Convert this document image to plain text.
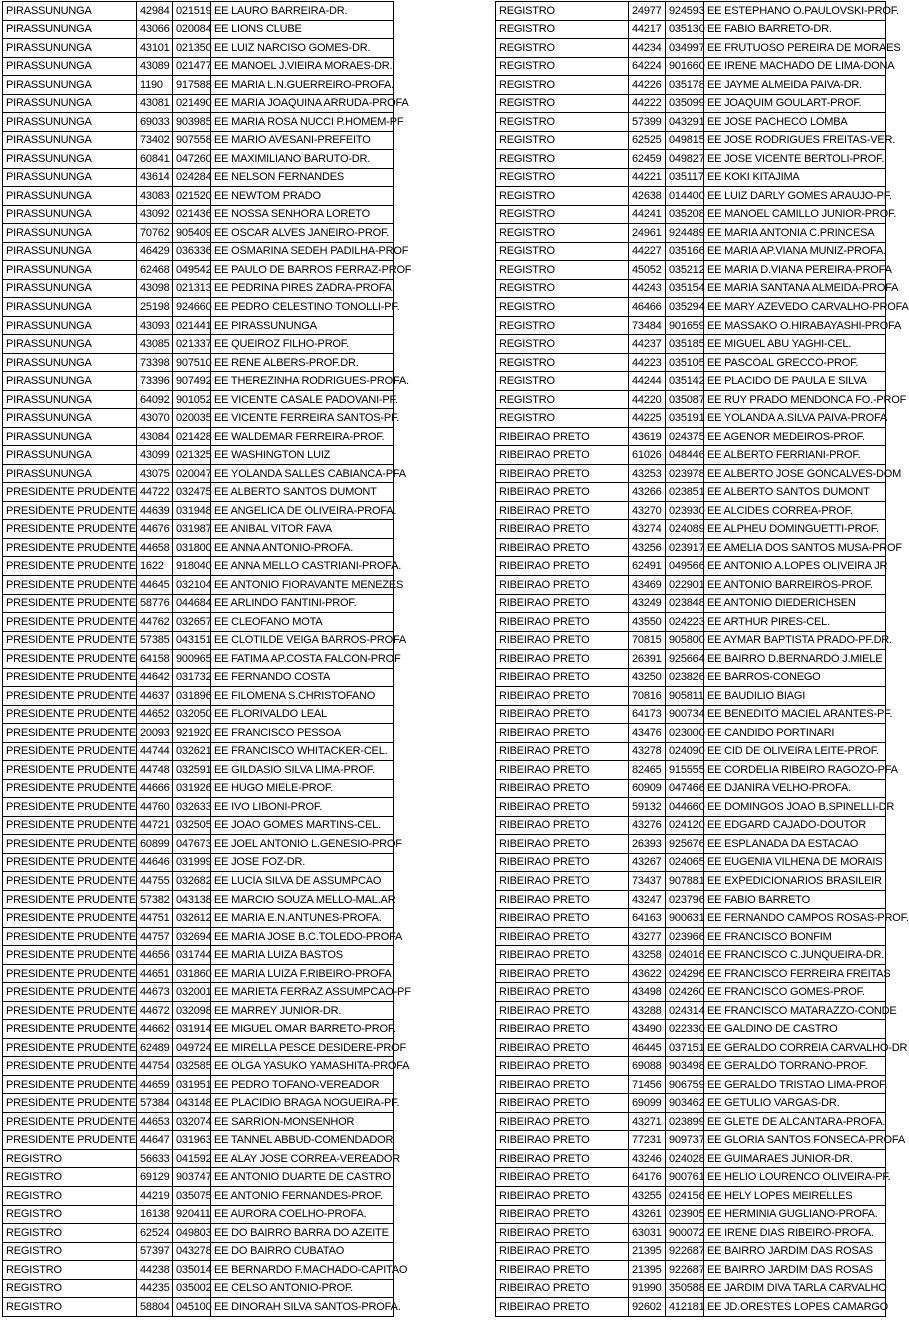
PIRASSUNUNGA	42984	021519	EE LAURO BARREIRA-DR.
PIRASSUNUNGA	43066	020084	EE LIONS CLUBE
PIRASSUNUNGA	43101	021350	EE LUIZ NARCISO GOMES-DR.
PIRASSUNUNGA	43089	021477	EE MANOEL J.VIEIRA MORAES-DR.
PIRASSUNUNGA	1190	917588	EE MARIA L.N.GUERREIRO-PROFA.
PIRASSUNUNGA	43081	021490	EE MARIA JOAQUINA ARRUDA-PROFA
PIRASSUNUNGA	69033	903985	EE MARIA ROSA NUCCI P.HOMEM-PF
PIRASSUNUNGA	73402	907558	EE MARIO AVESANI-PREFEITO
PIRASSUNUNGA	60841	047260	EE MAXIMILIANO BARUTO-DR.
PIRASSUNUNGA	43614	024284	EE NELSON FERNANDES
PIRASSUNUNGA	43083	021520	EE NEWTOM PRADO
PIRASSUNUNGA	43092	021436	EE NOSSA SENHORA LORETO
PIRASSUNUNGA	70762	905409	EE OSCAR ALVES JANEIRO-PROF.
PIRASSUNUNGA	46429	036336	EE OSMARINA SEDEH PADILHA-PROF
PIRASSUNUNGA	62468	049542	EE PAULO DE BARROS FERRAZ-PROF
PIRASSUNUNGA	43098	021313	EE PEDRINA PIRES ZADRA-PROFA.
PIRASSUNUNGA	25198	924660	EE PEDRO CELESTINO TONOLLI-PF.
PIRASSUNUNGA	43093	021441	EE PIRASSUNUNGA
PIRASSUNUNGA	43085	021337	EE QUEIROZ FILHO-PROF.
PIRASSUNUNGA	73398	907510	EE RENE ALBERS-PROF.DR.
PIRASSUNUNGA	73396	907492	EE THEREZINHA RODRIGUES-PROFA.
PIRASSUNUNGA	64092	901052	EE VICENTE CASALE PADOVANI-PF.
PIRASSUNUNGA	43070	020035	EE VICENTE FERREIRA SANTOS-PF.
PIRASSUNUNGA	43084	021428	EE WALDEMAR FERREIRA-PROF.
PIRASSUNUNGA	43099	021325	EE WASHINGTON LUIZ
PIRASSUNUNGA	43075	020047	EE YOLANDA SALLES CABIANCA-PFA
PRESIDENTE PRUDENTE	44722	032475	EE ALBERTO SANTOS DUMONT
PRESIDENTE PRUDENTE	44639	031948	EE ANGELICA DE OLIVEIRA-PROFA.
PRESIDENTE PRUDENTE	44676	031987	EE ANIBAL VITOR FAVA
PRESIDENTE PRUDENTE	44658	031800	EE ANNA ANTONIO-PROFA.
PRESIDENTE PRUDENTE	1622	918040	EE ANNA MELLO CASTRIANI-PROFA.
PRESIDENTE PRUDENTE	44645	032104	EE ANTONIO FIORAVANTE MENEZES
PRESIDENTE PRUDENTE	58776	044684	EE ARLINDO FANTINI-PROF.
PRESIDENTE PRUDENTE	44762	032657	EE CLEOFANO MOTA
PRESIDENTE PRUDENTE	57385	043151	EE CLOTILDE VEIGA BARROS-PROFA
PRESIDENTE PRUDENTE	64158	900965	EE FATIMA AP.COSTA FALCON-PROF
PRESIDENTE PRUDENTE	44642	031732	EE FERNANDO COSTA
PRESIDENTE PRUDENTE	44637	031896	EE FILOMENA S.CHRISTOFANO
PRESIDENTE PRUDENTE	44652	032050	EE FLORIVALDO LEAL
PRESIDENTE PRUDENTE	20093	921920	EE FRANCISCO PESSOA
PRESIDENTE PRUDENTE	44744	032621	EE FRANCISCO WHITACKER-CEL.
PRESIDENTE PRUDENTE	44748	032591	EE GILDASIO SILVA LIMA-PROF.
PRESIDENTE PRUDENTE	44666	031926	EE HUGO MIELE-PROF.
PRESIDENTE PRUDENTE	44760	032633	EE IVO LIBONI-PROF.
PRESIDENTE PRUDENTE	44721	032505	EE JOAO GOMES MARTINS-CEL.
PRESIDENTE PRUDENTE	60899	047673	EE JOEL ANTONIO L.GENESIO-PROF
PRESIDENTE PRUDENTE	44646	031999	EE JOSE FOZ-DR.
PRESIDENTE PRUDENTE	44755	032682	EE LUCIA SILVA DE ASSUMPCAO
PRESIDENTE PRUDENTE	57382	043138	EE MARCIO SOUZA MELLO-MAL.AR
PRESIDENTE PRUDENTE	44751	032612	EE MARIA E.N.ANTUNES-PROFA.
PRESIDENTE PRUDENTE	44757	032694	EE MARIA JOSE B.C.TOLEDO-PROFA
PRESIDENTE PRUDENTE	44656	031744	EE MARIA LUIZA BASTOS
PRESIDENTE PRUDENTE	44651	031860	EE MARIA LUIZA F.RIBEIRO-PROFA
PRESIDENTE PRUDENTE	44673	032001	EE MARIETA FERRAZ ASSUMPCAO-PF
PRESIDENTE PRUDENTE	44672	032098	EE MARREY JUNIOR-DR.
PRESIDENTE PRUDENTE	44662	031914	EE MIGUEL OMAR BARRETO-PROF.
PRESIDENTE PRUDENTE	62489	049724	EE MIRELLA PESCE DESIDERE-PROF
PRESIDENTE PRUDENTE	44754	032585	EE OLGA YASUKO YAMASHITA-PROFA
PRESIDENTE PRUDENTE	44659	031951	EE PEDRO TOFANO-VEREADOR
PRESIDENTE PRUDENTE	57384	043148	EE PLACIDIO BRAGA NOGUEIRA-PF.
PRESIDENTE PRUDENTE	44653	032074	EE SARRION-MONSENHOR
PRESIDENTE PRUDENTE	44647	031963	EE TANNEL ABBUD-COMENDADOR
REGISTRO	56633	041592	EE ALAY JOSE CORREA-VEREADOR
REGISTRO	69129	903747	EE ANTONIO DUARTE DE CASTRO
REGISTRO	44219	035075	EE ANTONIO FERNANDES-PROF.
REGISTRO	16138	920411	EE AURORA COELHO-PROFA.
REGISTRO	62524	049803	EE DO BAIRRO BARRA DO AZEITE
REGISTRO	57397	043278	EE DO BAIRRO CUBATAO
REGISTRO	44238	035014	EE BERNARDO F.MACHADO-CAPITAO
REGISTRO	44235	035002	EE CELSO ANTONIO-PROF.
REGISTRO	58804	045100	EE DINORAH SILVA SANTOS-PROFA.
REGISTRO	24977	924593	EE ESTEPHANO O.PAULOVSKI-PROF.
REGISTRO	44217	035130	EE FABIO BARRETO-DR.
REGISTRO	44234	034997	EE FRUTUOSO PEREIRA DE MORAES
REGISTRO	64224	901660	EE IRENE MACHADO DE LIMA-DONA
REGISTRO	44226	035178	EE JAYME ALMEIDA PAIVA-DR.
REGISTRO	44222	035099	EE JOAQUIM GOULART-PROF.
REGISTRO	57399	043291	EE JOSE PACHECO LOMBA
REGISTRO	62525	049815	EE JOSE RODRIGUES FREITAS-VER.
REGISTRO	62459	049827	EE JOSE VICENTE BERTOLI-PROF.
REGISTRO	44221	035117	EE KOKI KITAJIMA
REGISTRO	42638	014400	EE LUIZ DARLY GOMES ARAUJO-PF.
REGISTRO	44241	035208	EE MANOEL CAMILLO JUNIOR-PROF.
REGISTRO	24961	924489	EE MARIA ANTONIA C.PRINCESA
REGISTRO	44227	035166	EE MARIA AP.VIANA MUNIZ-PROFA.
REGISTRO	45052	035212	EE MARIA D.VIANA PEREIRA-PROFA
REGISTRO	44243	035154	EE MARIA SANTANA ALMEIDA-PROFA
REGISTRO	46466	035294	EE MARY AZEVEDO CARVALHO-PROFA
REGISTRO	73484	901659	EE MASSAKO O.HIRABAYASHI-PROFA
REGISTRO	44237	035185	EE MIGUEL ABU YAGHI-CEL.
REGISTRO	44223	035105	EE PASCOAL GRECCO-PROF.
REGISTRO	44244	035142	EE PLACIDO DE PAULA E SILVA
REGISTRO	44220	035087	EE RUY PRADO MENDONCA FO.-PROF
REGISTRO	44225	035191	EE YOLANDA A.SILVA PAIVA-PROFA
RIBEIRAO PRETO	43619	024375	EE AGENOR MEDEIROS-PROF.
RIBEIRAO PRETO	61026	048446	EE ALBERTO FERRIANI-PROF.
RIBEIRAO PRETO	43253	023978	EE ALBERTO JOSE GONCALVES-DOM
RIBEIRAO PRETO	43266	023851	EE ALBERTO SANTOS DUMONT
RIBEIRAO PRETO	43270	023930	EE ALCIDES CORREA-PROF.
RIBEIRAO PRETO	43274	024089	EE ALPHEU DOMINGUETTI-PROF.
RIBEIRAO PRETO	43256	023917	EE AMELIA DOS SANTOS MUSA-PROF
RIBEIRAO PRETO	62491	049566	EE ANTONIO A.LOPES OLIVEIRA JR
RIBEIRAO PRETO	43469	022901	EE ANTONIO BARREIROS-PROF.
RIBEIRAO PRETO	43249	023848	EE ANTONIO DIEDERICHSEN
RIBEIRAO PRETO	43550	024223	EE ARTHUR PIRES-CEL.
RIBEIRAO PRETO	70815	905800	EE AYMAR BAPTISTA PRADO-PF.DR.
RIBEIRAO PRETO	26391	925664	EE BAIRRO D.BERNARDO J.MIELE
RIBEIRAO PRETO	43250	023826	EE BARROS-CONEGO
RIBEIRAO PRETO	70816	905811	EE BAUDILIO BIAGI
RIBEIRAO PRETO	64173	900734	EE BENEDITO MACIEL ARANTES-PF.
RIBEIRAO PRETO	43476	023000	EE CANDIDO PORTINARI
RIBEIRAO PRETO	43278	024090	EE CID DE OLIVEIRA LEITE-PROF.
RIBEIRAO PRETO	82465	915555	EE CORDELIA RIBEIRO RAGOZO-PFA
RIBEIRAO PRETO	60909	047466	EE DJANIRA VELHO-PROFA.
RIBEIRAO PRETO	59132	044660	EE DOMINGOS JOAO B.SPINELLI-DR
RIBEIRAO PRETO	43276	024120	EE EDGARD CAJADO-DOUTOR
RIBEIRAO PRETO	26393	925676	EE ESPLANADA DA ESTACAO
RIBEIRAO PRETO	43267	024065	EE EUGENIA VILHENA DE MORAIS
RIBEIRAO PRETO	73437	907881	EE EXPEDICIONARIOS BRASILEIR
RIBEIRAO PRETO	43247	023796	EE FABIO BARRETO
RIBEIRAO PRETO	64163	900631	EE FERNANDO CAMPOS ROSAS-PROF.
RIBEIRAO PRETO	43277	023966	EE FRANCISCO BONFIM
RIBEIRAO PRETO	43258	024016	EE FRANCISCO C.JUNQUEIRA-DR.
RIBEIRAO PRETO	43622	024296	EE FRANCISCO FERREIRA FREITAS
RIBEIRAO PRETO	43498	024260	EE FRANCISCO GOMES-PROF.
RIBEIRAO PRETO	43288	024314	EE FRANCISCO MATARAZZO-CONDE
RIBEIRAO PRETO	43490	022330	EE GALDINO DE CASTRO
RIBEIRAO PRETO	46445	037151	EE GERALDO CORREIA CARVALHO-DR
RIBEIRAO PRETO	69088	903498	EE GERALDO TORRANO-PROF.
RIBEIRAO PRETO	71456	906759	EE GERALDO TRISTAO LIMA-PROF.
RIBEIRAO PRETO	69099	903462	EE GETULIO VARGAS-DR.
RIBEIRAO PRETO	43271	023899	EE GLETE DE ALCANTARA-PROFA.
RIBEIRAO PRETO	77231	909737	EE GLORIA SANTOS FONSECA-PROFA
RIBEIRAO PRETO	43246	024028	EE GUIMARAES JUNIOR-DR.
RIBEIRAO PRETO	64176	900761	EE HELIO LOURENCO OLIVEIRA-PF.
RIBEIRAO PRETO	43255	024156	EE HELY LOPES MEIRELLES
RIBEIRAO PRETO	43261	023905	EE HERMINIA GUGLIANO-PROFA.
RIBEIRAO PRETO	63031	900072	EE IRENE DIAS RIBEIRO-PROFA.
RIBEIRAO PRETO	21395	922687	EE BAIRRO JARDIM DAS ROSAS
RIBEIRAO PRETO	21395	922687	EE BAIRRO JARDIM DAS ROSAS
RIBEIRAO PRETO	91990	350588	EE JARDIM DIVA TARLA CARVALHO
RIBEIRAO PRETO	92602	412181	EE JD.ORESTES LOPES CAMARGO
